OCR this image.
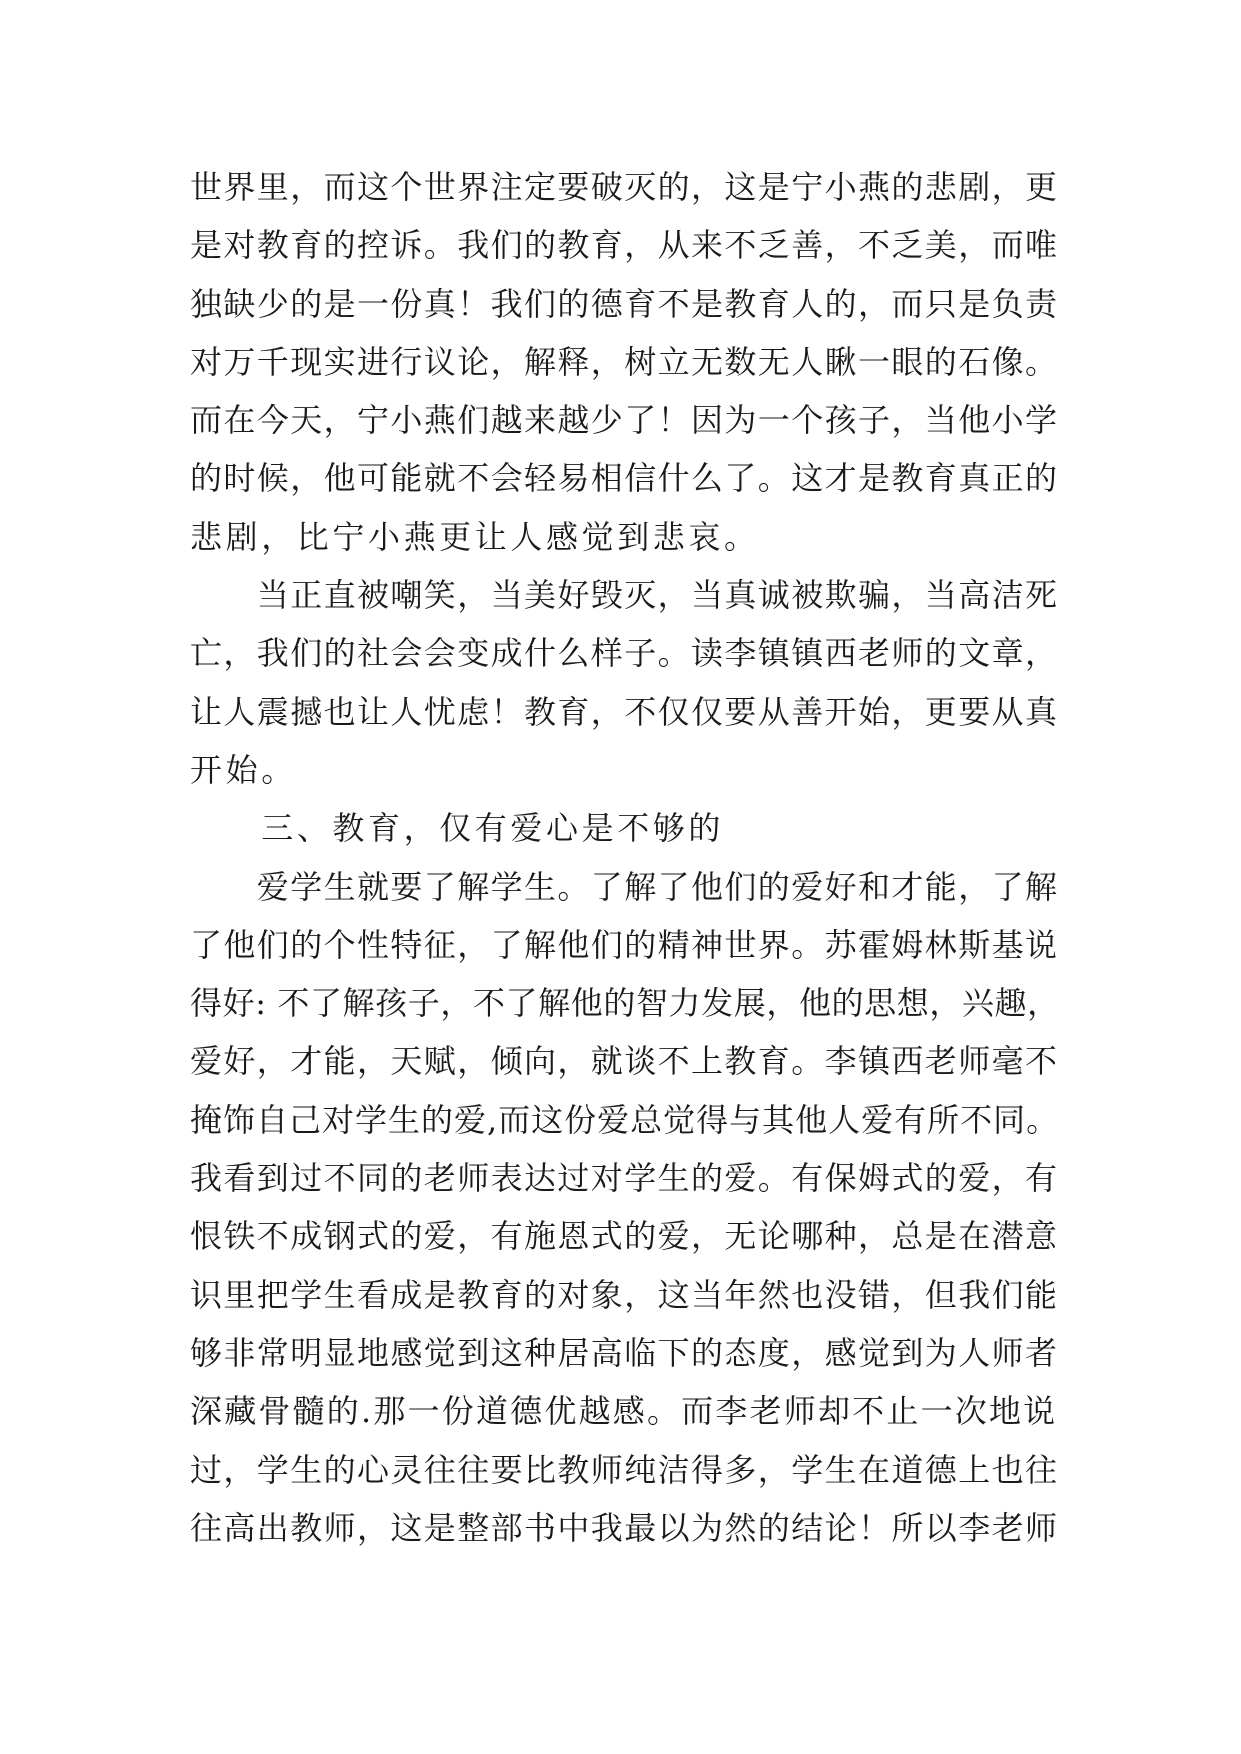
世界里，而这个世界注定要破灭的，这是宁小燕的悲剧，更
是对教育的控诉。我们的教育，从来不乏善，不乏美，而唯
独缺少的是一份真！我们的德育不是教育人的，而只是负责
对万千现实进行议论，解释，树立无数无人瞅一眼的石像。
而在今天，宁小燕们越来越少了！因为一个孩子，当他小学
的时候，他可能就不会轻易相信什么了。这才是教育真正的
悲剧，比宁小燕更让人感觉到悲哀。
　　当正直被嘲笑，当美好毁灭，当真诚被欺骗，当高洁死
亡，我们的社会会变成什么样子。读李镇镇西老师的文章，
让人震撼也让人忧虑！教育，不仅仅要从善开始，更要从真
开始。
　　三、教育，仅有爱心是不够的
　　爱学生就要了解学生。了解了他们的爱好和才能，了解
了他们的个性特征，了解他们的精神世界。苏霍姆林斯基说
得好: 不了解孩子，不了解他的智力发展，他的思想，兴趣，
爱好，才能，天赋，倾向，就谈不上教育。李镇西老师毫不
掩饰自己对学生的爱,而这份爱总觉得与其他人爱有所不同。
我看到过不同的老师表达过对学生的爱。有保姆式的爱，有
恨铁不成钢式的爱，有施恩式的爱，无论哪种，总是在潜意
识里把学生看成是教育的对象，这当年然也没错，但我们能
够非常明显地感觉到这种居高临下的态度，感觉到为人师者
深藏骨髓的.那一份道德优越感。而李老师却不止一次地说
过，学生的心灵往往要比教师纯洁得多，学生在道德上也往
往高出教师，这是整部书中我最以为然的结论！所以李老师
